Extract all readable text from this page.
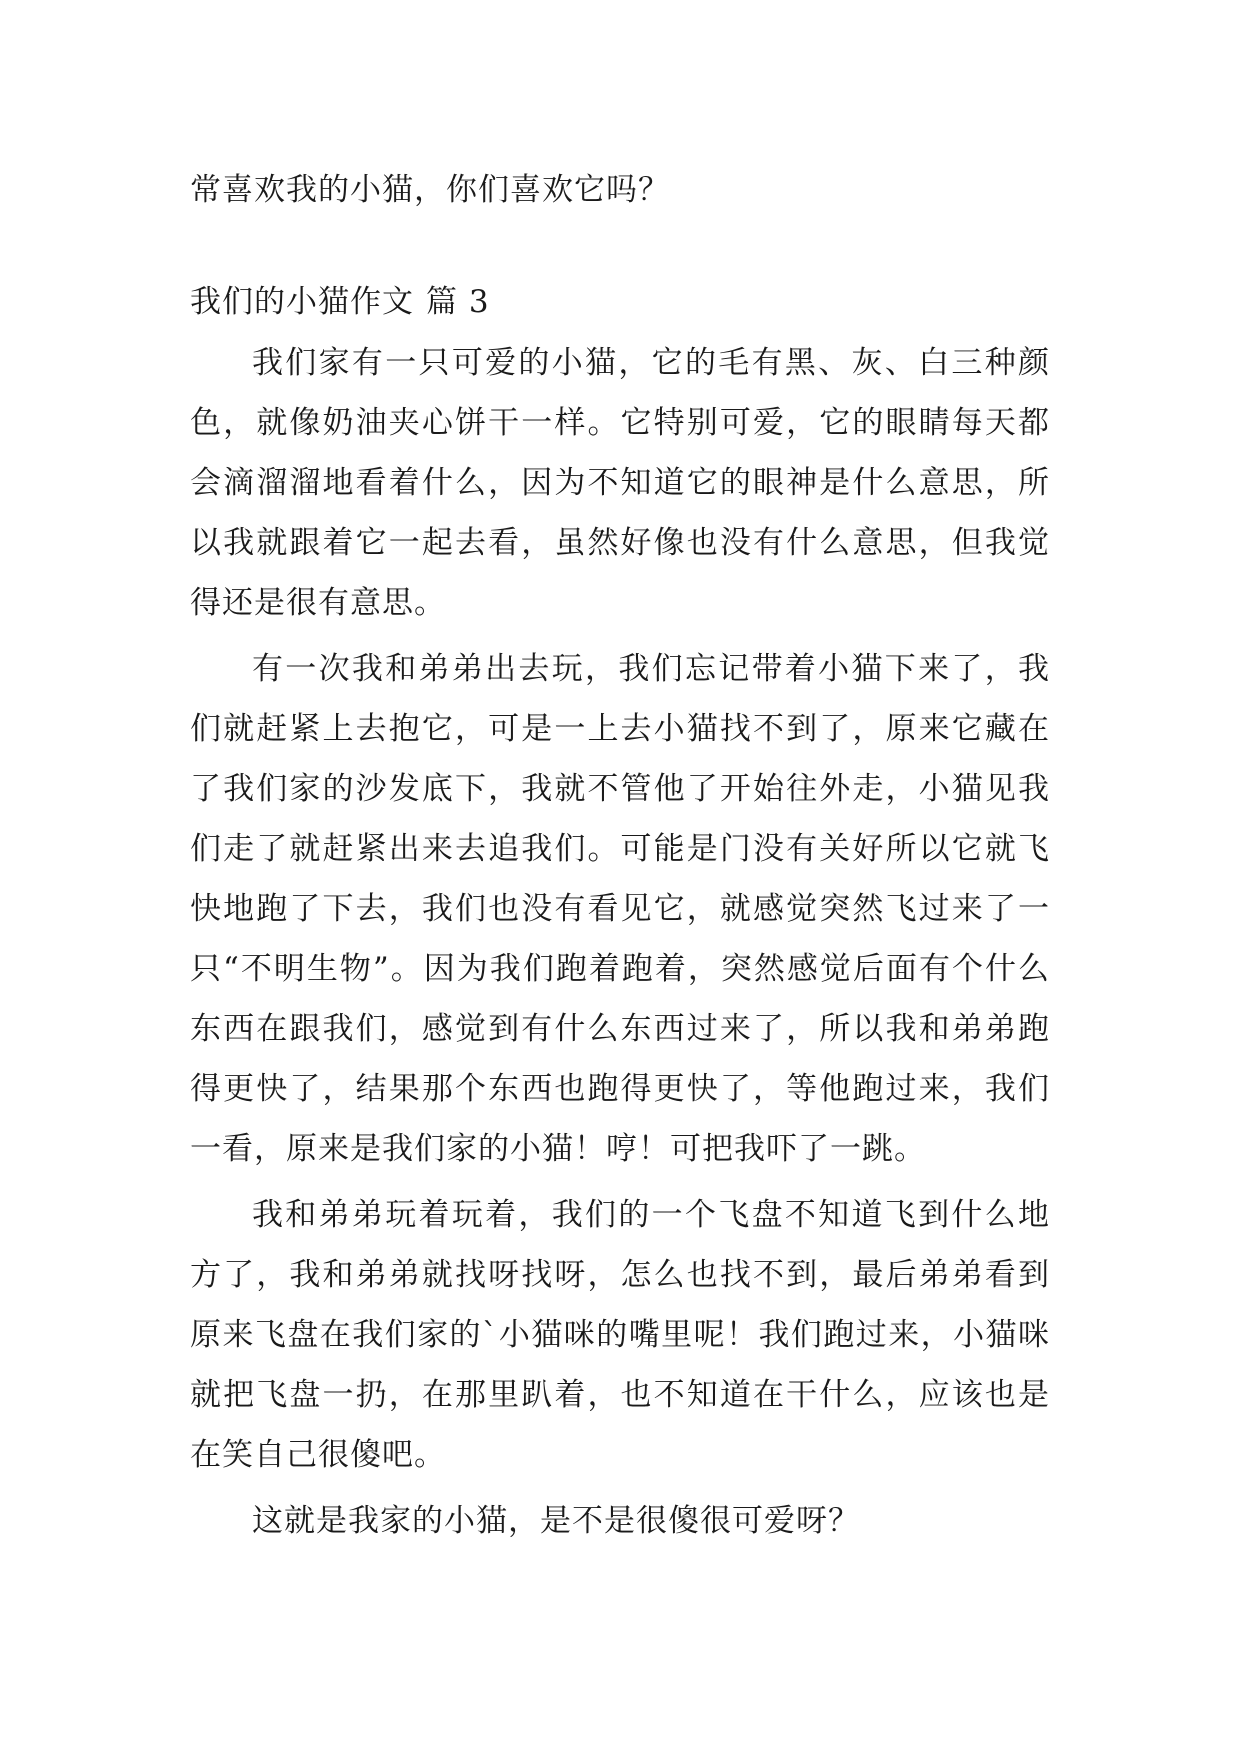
常喜欢我的小猫，你们喜欢它吗？

我们的小猫作文 篇 3

我们家有一只可爱的小猫，它的毛有黑、灰、白三种颜色，就像奶油夹心饼干一样。它特别可爱，它的眼睛每天都会滴溜溜地看着什么，因为不知道它的眼神是什么意思，所以我就跟着它一起去看，虽然好像也没有什么意思，但我觉得还是很有意思。

有一次我和弟弟出去玩，我们忘记带着小猫下来了，我们就赶紧上去抱它，可是一上去小猫找不到了，原来它藏在了我们家的沙发底下，我就不管他了开始往外走，小猫见我们走了就赶紧出来去追我们。可能是门没有关好所以它就飞快地跑了下去，我们也没有看见它，就感觉突然飞过来了一只“不明生物”。因为我们跑着跑着，突然感觉后面有个什么东西在跟我们，感觉到有什么东西过来了，所以我和弟弟跑得更快了，结果那个东西也跑得更快了，等他跑过来，我们一看，原来是我们家的小猫！哼！可把我吓了一跳。

我和弟弟玩着玩着，我们的一个飞盘不知道飞到什么地方了，我和弟弟就找呀找呀，怎么也找不到，最后弟弟看到原来飞盘在我们家的`小猫咪的嘴里呢！我们跑过来，小猫咪就把飞盘一扔，在那里趴着，也不知道在干什么，应该也是在笑自己很傻吧。

这就是我家的小猫，是不是很傻很可爱呀？
